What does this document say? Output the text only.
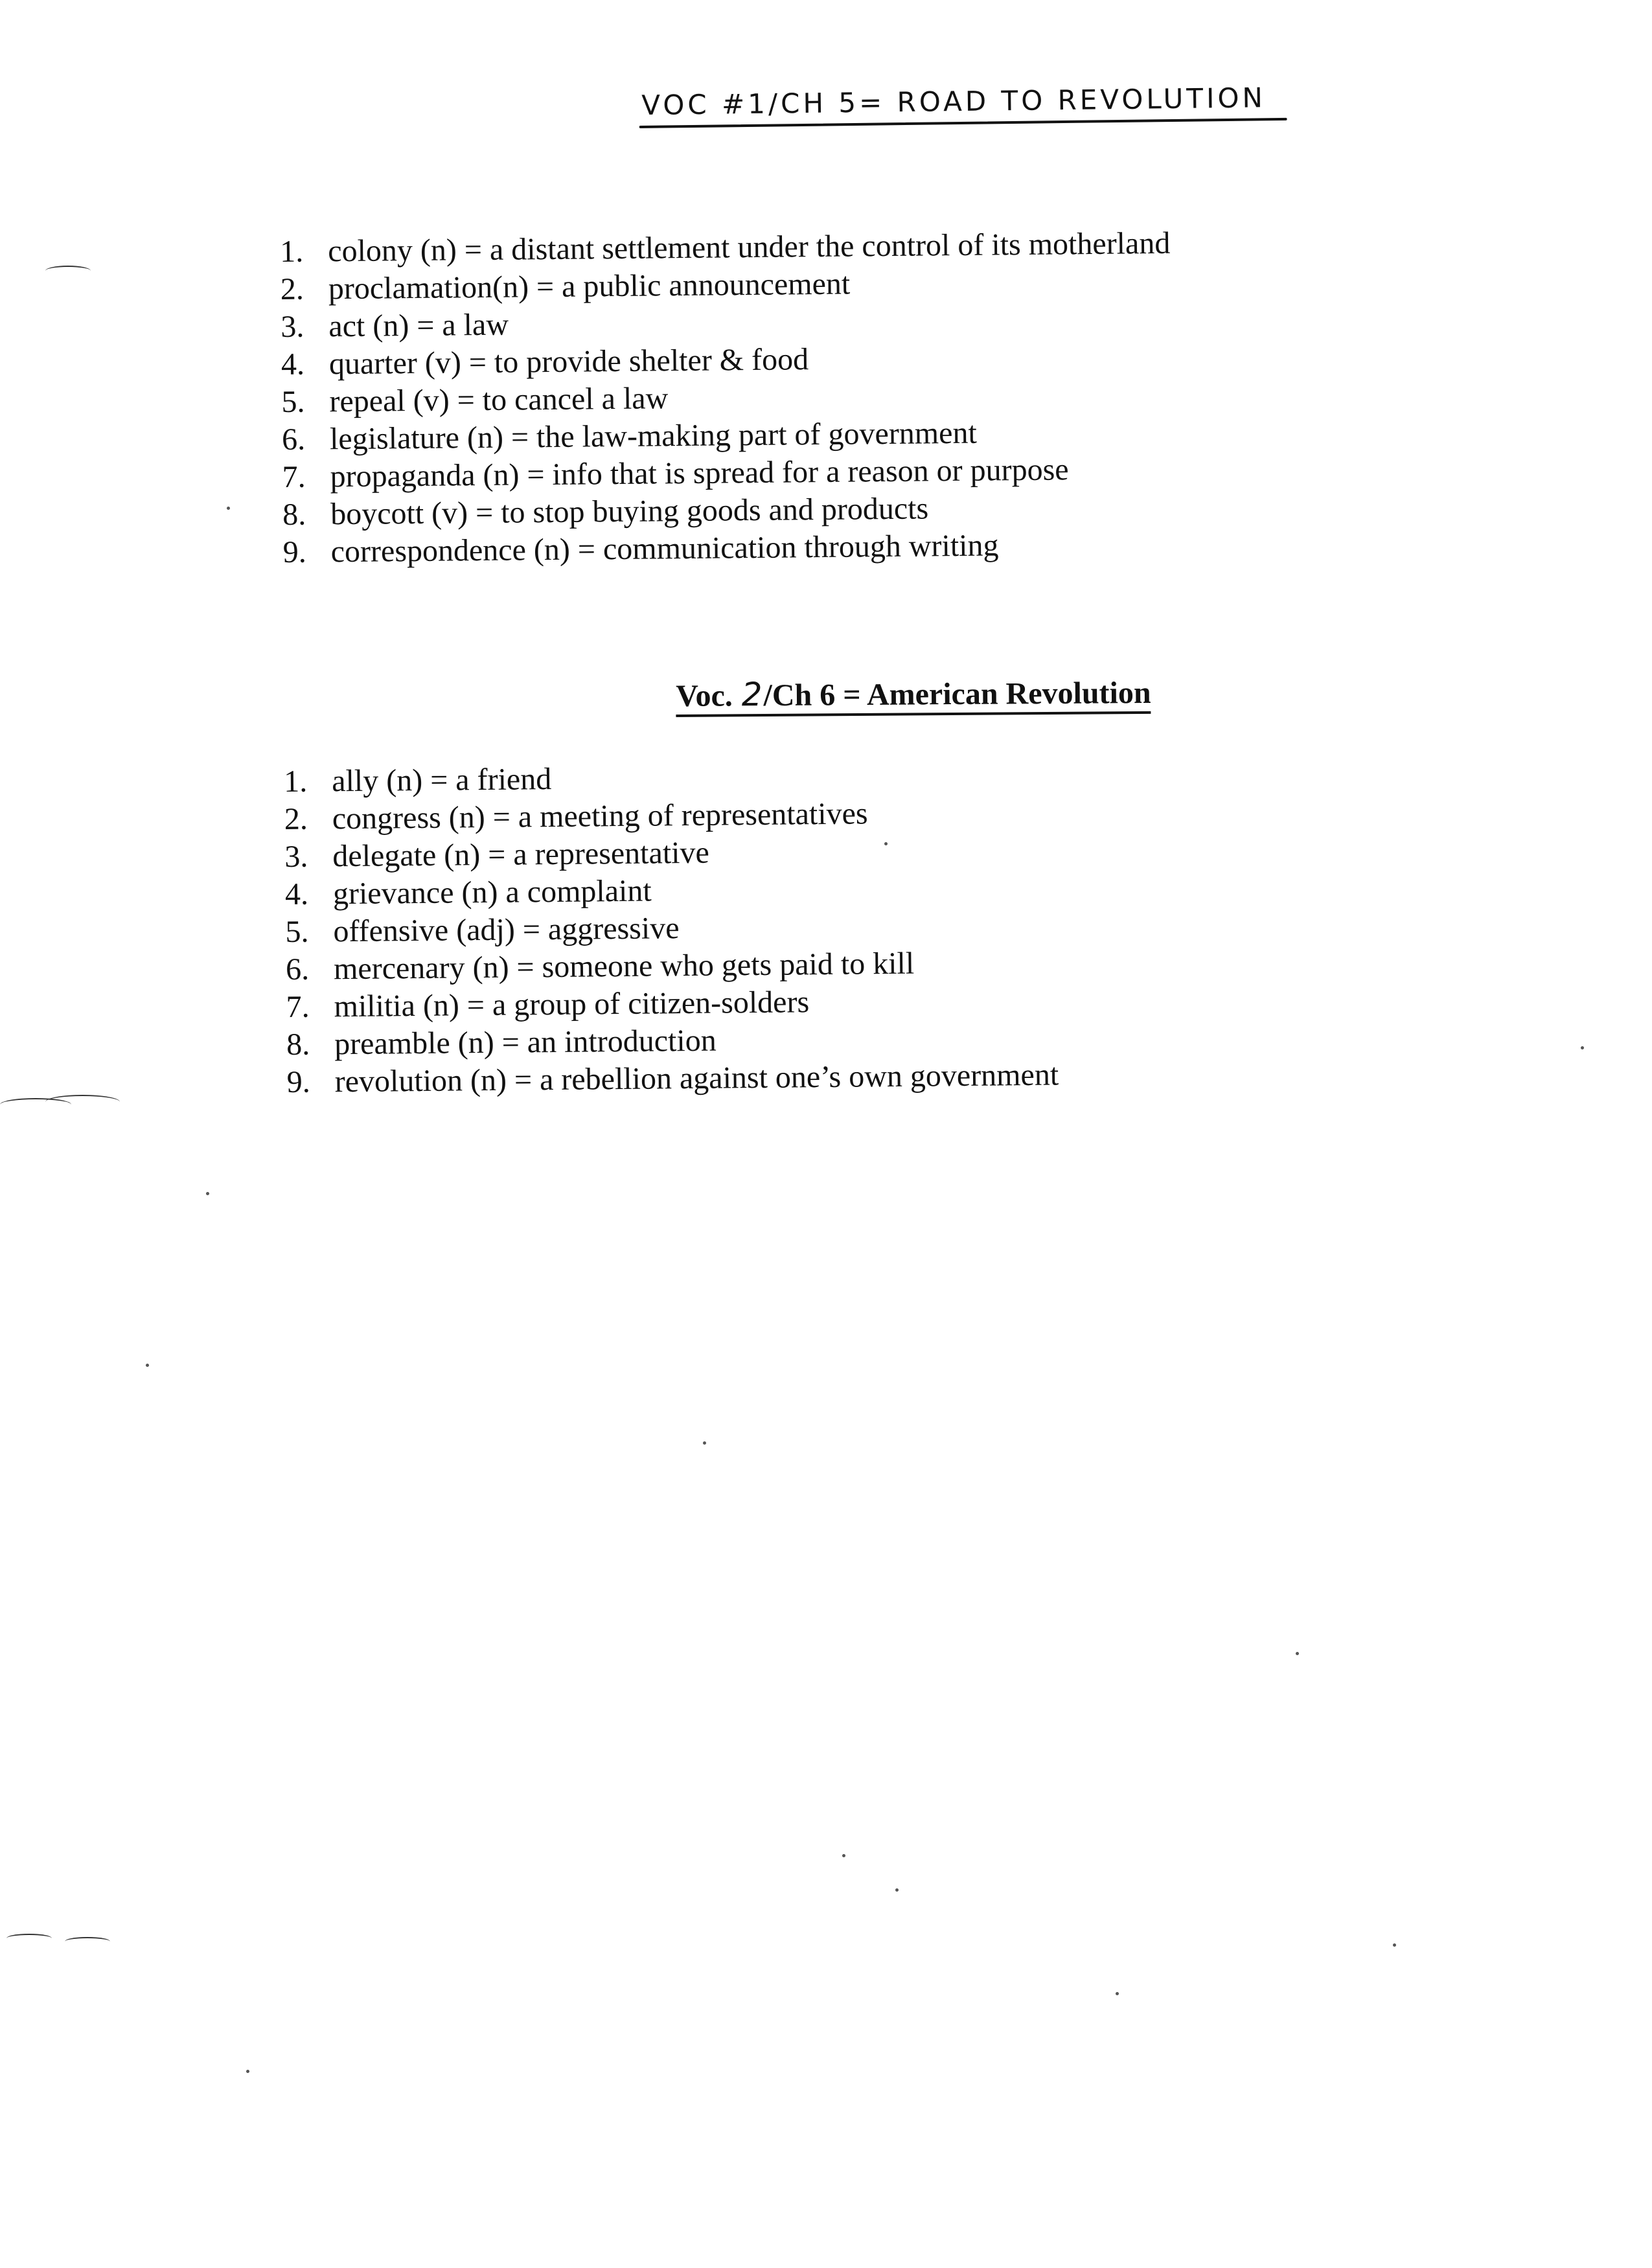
VOC #1/CH 5= ROAD TO REVOLUTION
1. colony (n) = a distant settlement under the control of its motherland
2. proclamation(n) = a public announcement
3. act (n) = a law
4. quarter (v) = to provide shelter & food
5. repeal (v) = to cancel a law
6. legislature (n) = the law-making part of government
7. propaganda (n) = info that is spread for a reason or purpose
8. boycott (v) = to stop buying goods and products
9. correspondence (n) = communication through writing
Voc. 2/Ch 6 = American Revolution
1. ally (n) = a friend
2. congress (n) = a meeting of representatives
3. delegate (n) = a representative
4. grievance (n) a complaint
5. offensive (adj) = aggressive
6. mercenary (n) = someone who gets paid to kill
7. militia (n) = a group of citizen-solders
8. preamble (n) = an introduction
9. revolution (n) = a rebellion against one’s own government
